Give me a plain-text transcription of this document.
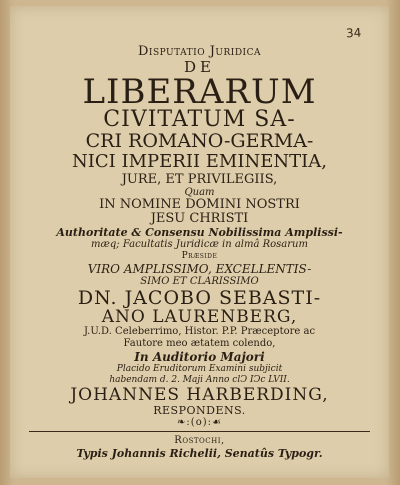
34
Disputatio Juridica
DE
LIBERARUM
CIVITATUM SA-
CRI ROMANO-GERMA-
NICI IMPERII EMINENTIA,
JURE, ET PRIVILEGIIS,
Quam
IN NOMINE DOMINI NOSTRI
JESU CHRISTI
Authoritate & Consensu Nobilissima Amplissi-
mæq; Facultatis Juridicæ in almâ Rosarum
Præside
VIRO AMPLISSIMO, EXCELLENTIS-
SIMO ET CLARISSIMO
DN. JACOBO SEBASTI-
ANO LAURENBERG,
J.U.D. Celeberrimo, Histor. P.P. Præceptore ac
Fautore meo ætatem colendo,
In Auditorio Majori
Placido Eruditorum Examini subjicit
habendam d. 2. Maji Anno clↃ IↃc LVII.
JOHANNES HARBERDING,
RESPONDENS.
❧:(o):☙
Rostochi,
Typis Johannis Richelii, Senatûs Typogr.
